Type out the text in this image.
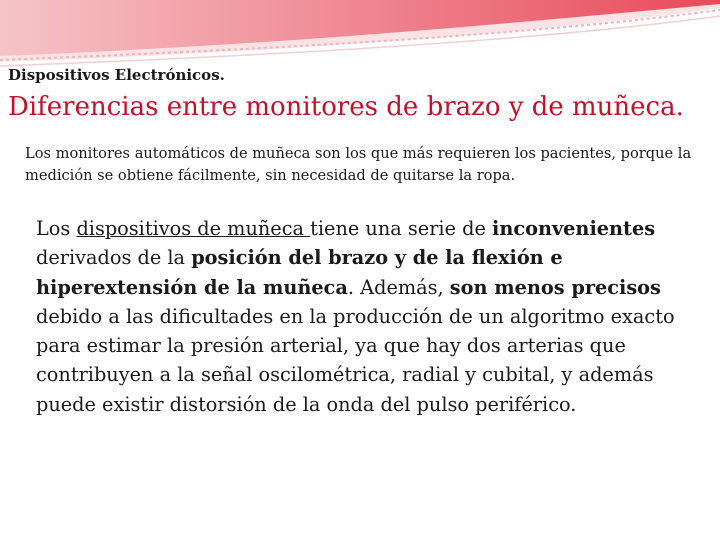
Dispositivos Electrónicos.
Diferencias entre monitores de brazo y de muñeca.
Los monitores automáticos de muñeca son los que más requieren los pacientes, porque la medición se obtiene fácilmente, sin necesidad de quitarse la ropa.
Los dispositivos de muñeca tiene una serie de inconvenientes derivados de la posición del brazo y de la flexión e hiperextensión de la muñeca. Además, son menos precisos debido a las dificultades en la producción de un algoritmo exacto para estimar la presión arterial, ya que hay dos arterias que contribuyen a la señal oscilométrica, radial y cubital, y además puede existir distorsión de la onda del pulso periférico.
